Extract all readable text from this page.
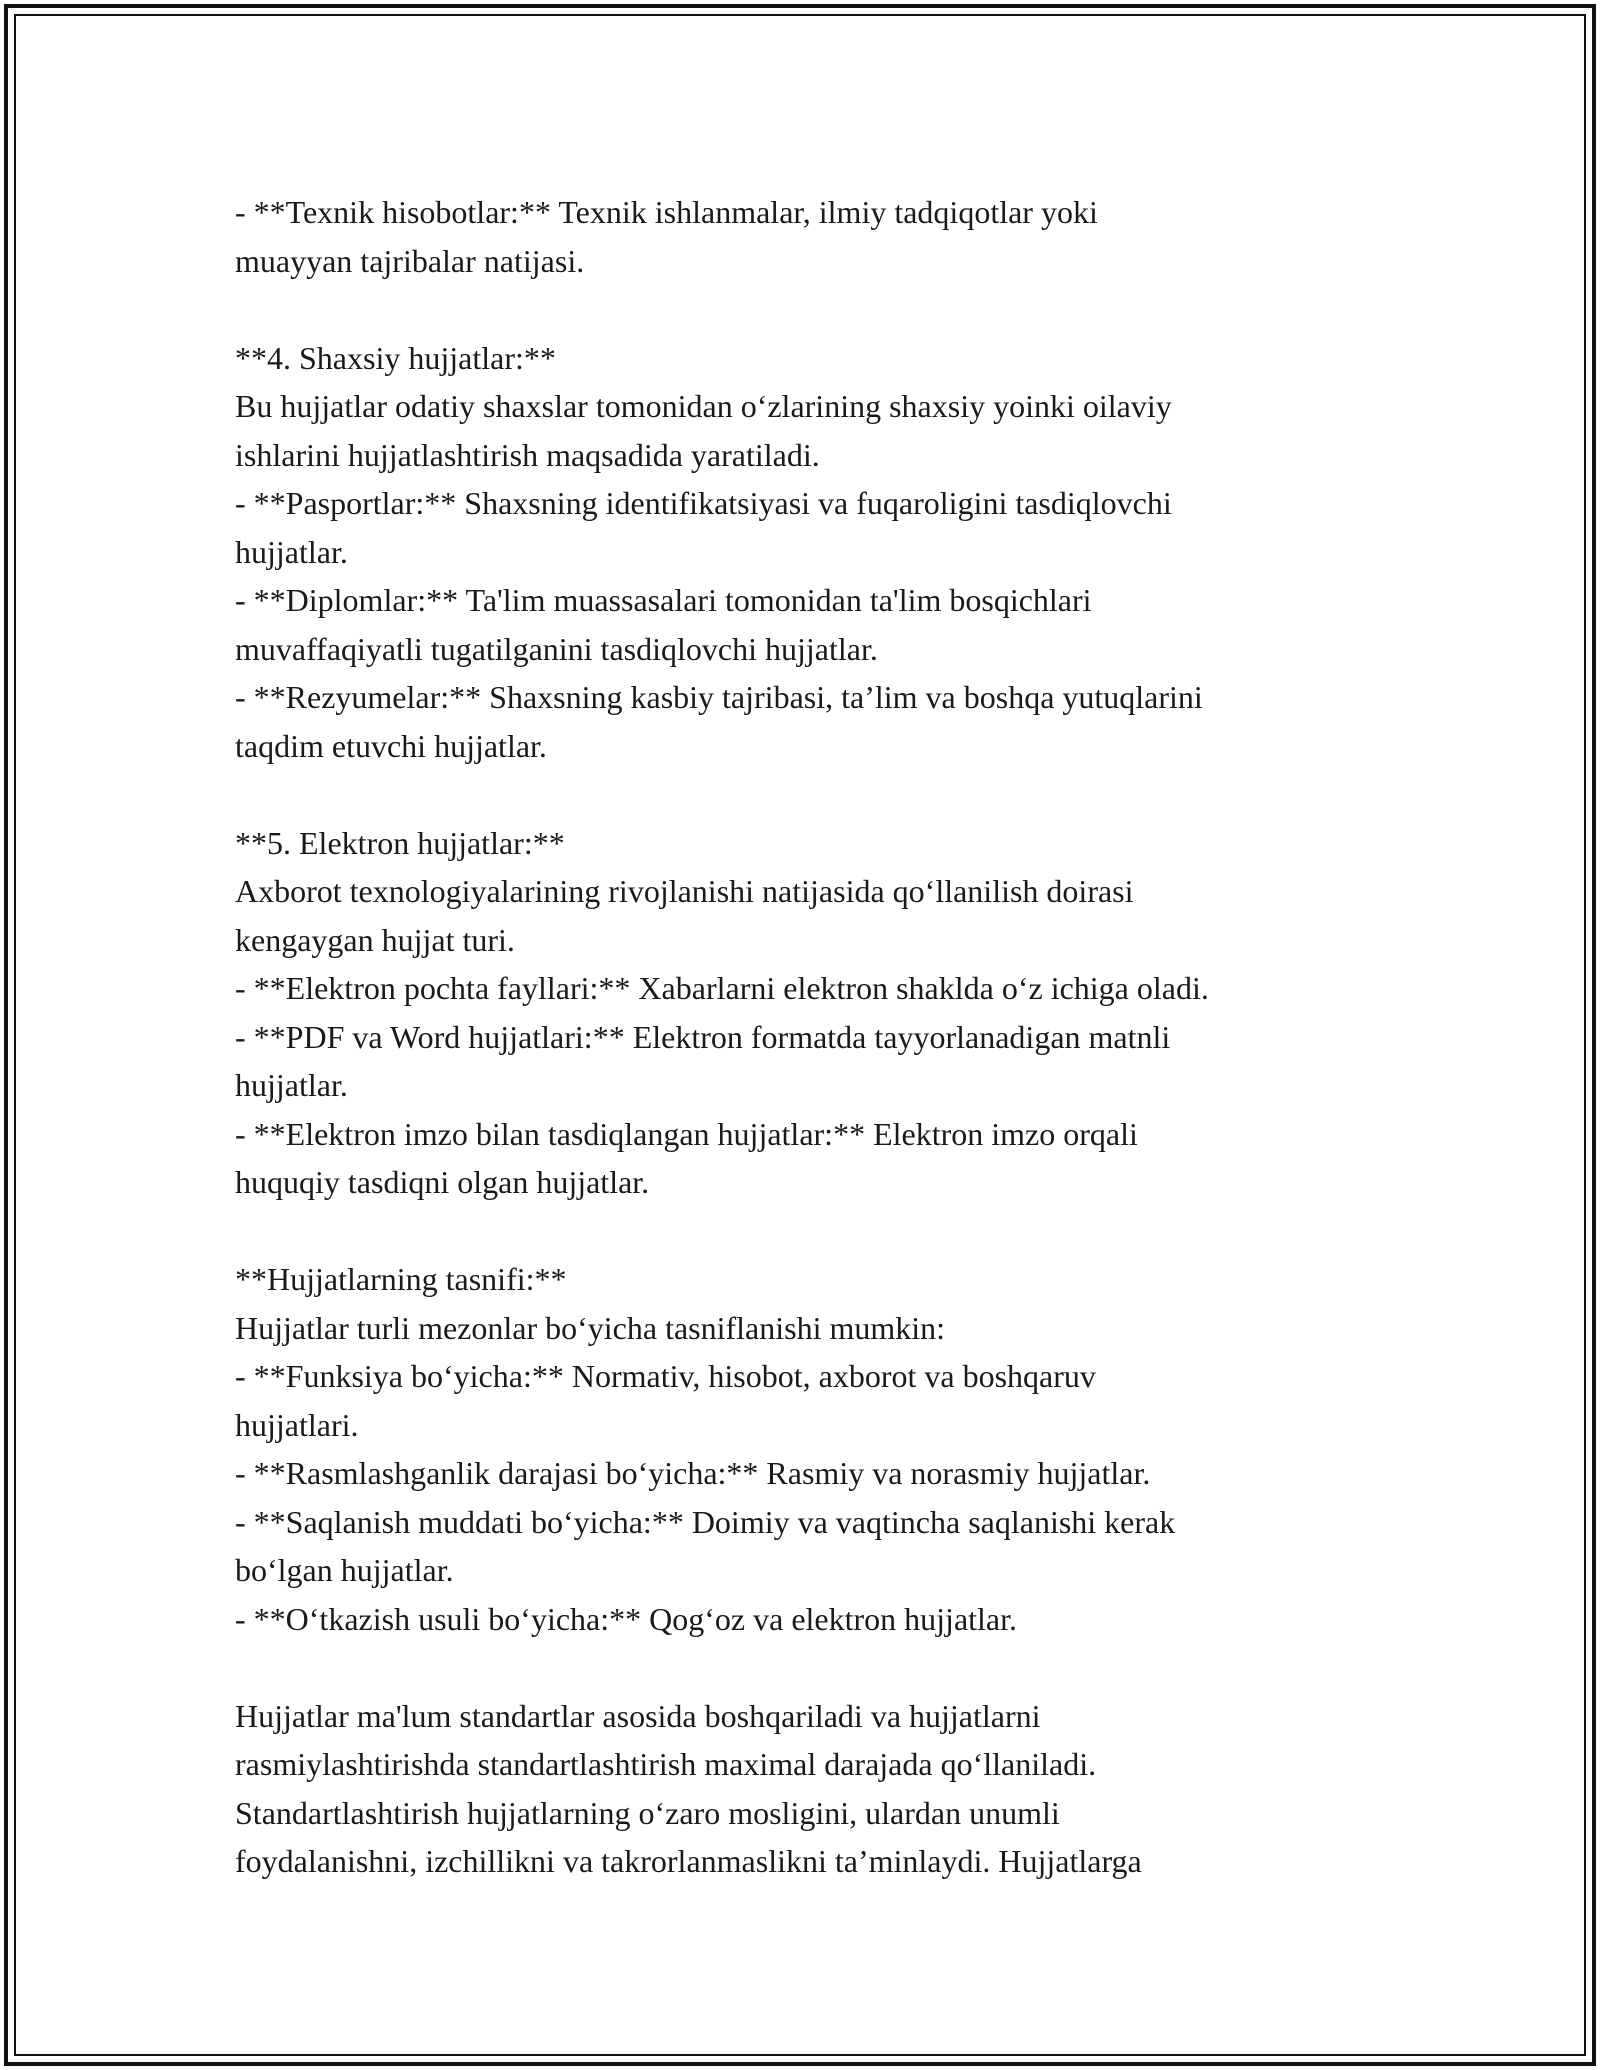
- **Texnik hisobotlar:** Texnik ishlanmalar, ilmiy tadqiqotlar yoki
muayyan tajribalar natijasi.
**4. Shaxsiy hujjatlar:**
Bu hujjatlar odatiy shaxslar tomonidan o‘zlarining shaxsiy yoinki oilaviy
ishlarini hujjatlashtirish maqsadida yaratiladi.
- **Pasportlar:** Shaxsning identifikatsiyasi va fuqaroligini tasdiqlovchi
hujjatlar.
- **Diplomlar:** Ta'lim muassasalari tomonidan ta'lim bosqichlari
muvaffaqiyatli tugatilganini tasdiqlovchi hujjatlar.
- **Rezyumelar:** Shaxsning kasbiy tajribasi, ta’lim va boshqa yutuqlarini
taqdim etuvchi hujjatlar.
**5. Elektron hujjatlar:**
Axborot texnologiyalarining rivojlanishi natijasida qo‘llanilish doirasi
kengaygan hujjat turi.
- **Elektron pochta fayllari:** Xabarlarni elektron shaklda o‘z ichiga oladi.
- **PDF va Word hujjatlari:** Elektron formatda tayyorlanadigan matnli
hujjatlar.
- **Elektron imzo bilan tasdiqlangan hujjatlar:** Elektron imzo orqali
huquqiy tasdiqni olgan hujjatlar.
**Hujjatlarning tasnifi:**
Hujjatlar turli mezonlar bo‘yicha tasniflanishi mumkin:
- **Funksiya bo‘yicha:** Normativ, hisobot, axborot va boshqaruv
hujjatlari.
- **Rasmlashganlik darajasi bo‘yicha:** Rasmiy va norasmiy hujjatlar.
- **Saqlanish muddati bo‘yicha:** Doimiy va vaqtincha saqlanishi kerak
bo‘lgan hujjatlar.
- **O‘tkazish usuli bo‘yicha:** Qog‘oz va elektron hujjatlar.
Hujjatlar ma'lum standartlar asosida boshqariladi va hujjatlarni
rasmiylashtirishda standartlashtirish maximal darajada qo‘llaniladi.
Standartlashtirish hujjatlarning o‘zaro mosligini, ulardan unumli
foydalanishni, izchillikni va takrorlanmaslikni ta’minlaydi. Hujjatlarga
